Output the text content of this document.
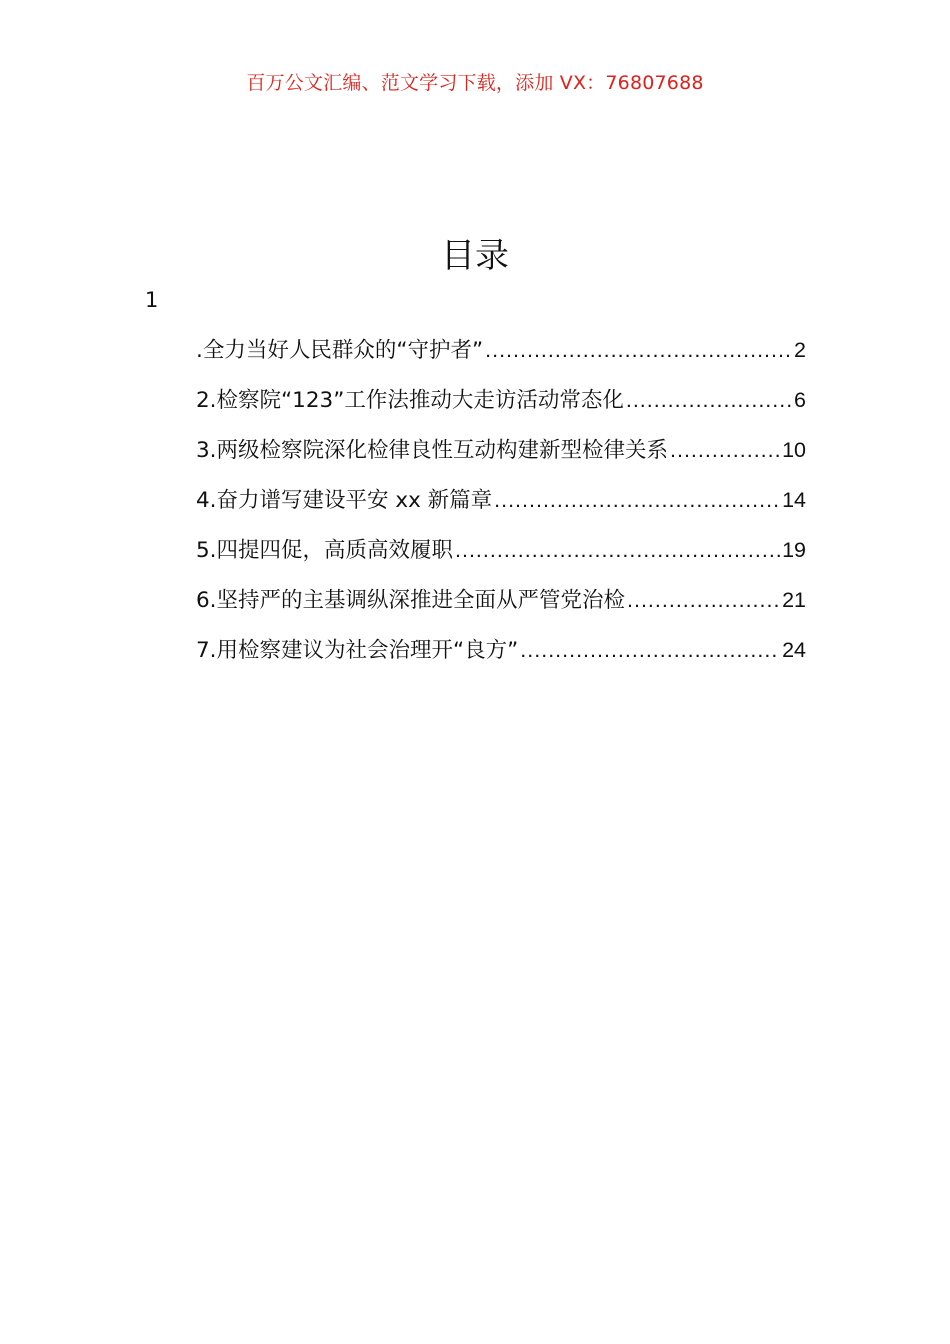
百万公文汇编、范文学习下载，添加 VX：76807688
目录
1
.全力当好人民群众的“守护者” .....	2
2.检察院“123”工作法推动大走访活动常态化 .....	6
3.两级检察院深化检律良性互动构建新型检律关系 .....	10
4.奋力谱写建设平安 xx 新篇章 .....	14
5.四提四促，高质高效履职 .....	19
6.坚持严的主基调纵深推进全面从严管党治检 .....	21
7.用检察建议为社会治理开“良方” .....	24
